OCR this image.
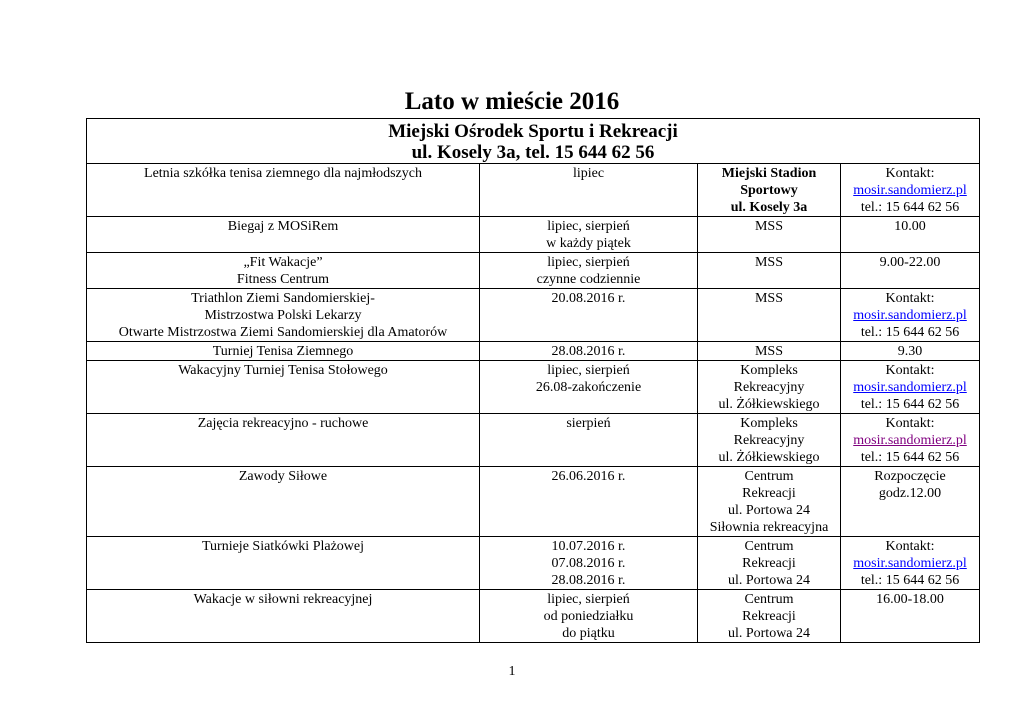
Lato w mieście 2016
Miejski Ośrodek Sportu i Rekreacji
ul. Kosely 3a, tel. 15 644 62 56			

Letnia szkółka tenisa ziemnego dla najmłodszych	lipiec	Miejski Stadion
Sportowy
ul. Kosely 3a	Kontakt:
mosir.sandomierz.pl
tel.: 15 644 62 56

Biegaj z MOSiRem	lipiec, sierpień
w każdy piątek	MSS	10.00

„Fit Wakacje”
Fitness Centrum	lipiec, sierpień
czynne codziennie	MSS	9.00-22.00

Triathlon Ziemi Sandomierskiej-
Mistrzostwa Polski Lekarzy
Otwarte Mistrzostwa Ziemi Sandomierskiej dla Amatorów	20.08.2016 r.	MSS	Kontakt:
mosir.sandomierz.pl
tel.: 15 644 62 56

Turniej Tenisa Ziemnego	28.08.2016 r.	MSS	9.30

Wakacyjny Turniej Tenisa Stołowego	lipiec, sierpień
26.08-zakończenie	Kompleks
Rekreacyjny
ul. Żółkiewskiego	Kontakt:
mosir.sandomierz.pl
tel.: 15 644 62 56

Zajęcia rekreacyjno - ruchowe	sierpień	Kompleks
Rekreacyjny
ul. Żółkiewskiego	Kontakt:
mosir.sandomierz.pl
tel.: 15 644 62 56

Zawody Siłowe	26.06.2016 r.	Centrum
Rekreacji
ul. Portowa 24
Siłownia rekreacyjna	Rozpoczęcie
godz.12.00

Turnieje Siatkówki Plażowej	10.07.2016 r.
07.08.2016 r.
28.08.2016 r.	Centrum
Rekreacji
ul. Portowa 24	Kontakt:
mosir.sandomierz.pl
tel.: 15 644 62 56

Wakacje w siłowni rekreacyjnej	lipiec, sierpień
od poniedziałku
do piątku	Centrum
Rekreacji
ul. Portowa 24	16.00-18.00
1
